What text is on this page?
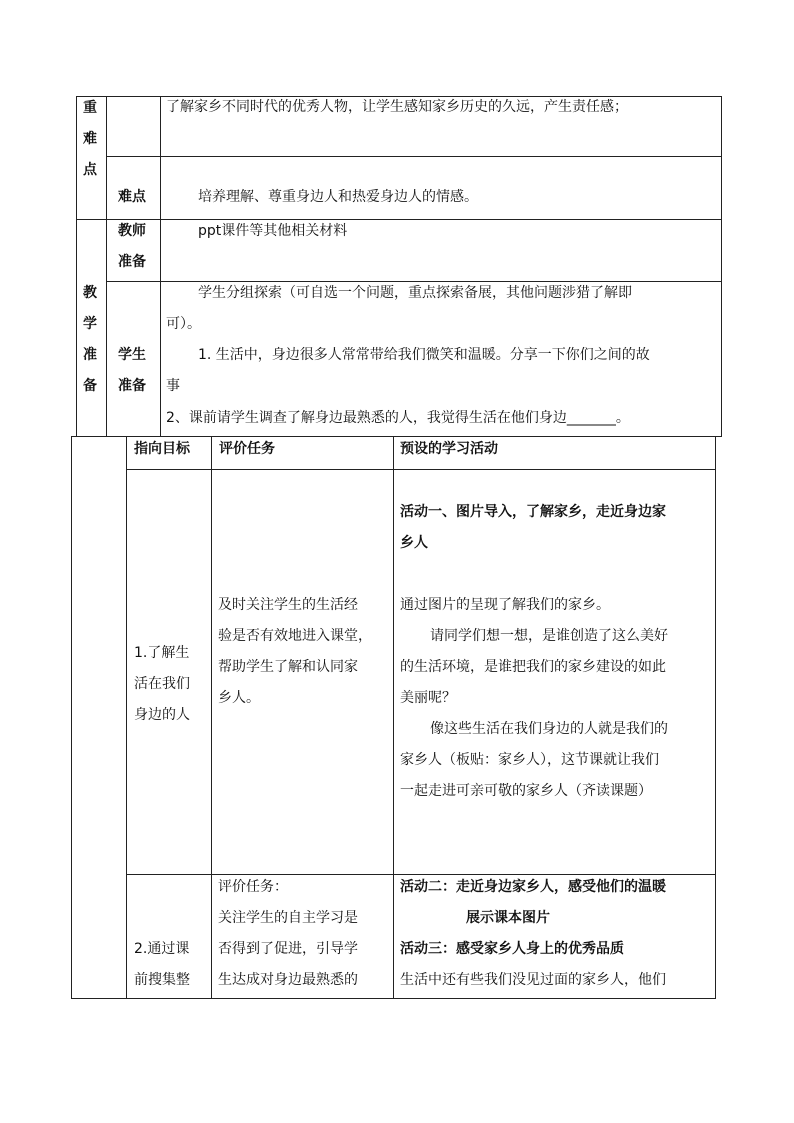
重
难
点
了解家乡不同时代的优秀人物，让学生感知家乡历史的久远，产生责任感；
难点	培养理解、尊重身边人和热爱身边人的情感。
教
学
准
备
教师
准备
ppt课件等其他相关材料
学生
准备
学生分组探索（可自选一个问题，重点探索备展，其他问题涉猎了解即
可）。
1. 生活中，身边很多人常常带给我们微笑和温暖。分享一下你们之间的故
事
2、课前请学生调查了解身边最熟悉的人，我觉得生活在他们身边_______。
指向目标 评价任务	预设的学习活动
1.了解生
活在我们
身边的人
及时关注学生的生活经
验是否有效地进入课堂，
帮助学生了解和认同家
乡人。
活动一、图片导入，了解家乡，走近身边家
乡人
通过图片的呈现了解我们的家乡。
请同学们想一想，是谁创造了这么美好
的生活环境，是谁把我们的家乡建设的如此
美丽呢？
像这些生活在我们身边的人就是我们的
家乡人（板贴：家乡人），这节课就让我们
一起走进可亲可敬的家乡人（齐读课题）
2.通过课
前搜集整
评价任务：
关注学生的自主学习是
否得到了促进，引导学
生达成对身边最熟悉的
活动二：走近身边家乡人，感受他们的温暖
展示课本图片
活动三：感受家乡人身上的优秀品质
生活中还有些我们没见过面的家乡人，他们
